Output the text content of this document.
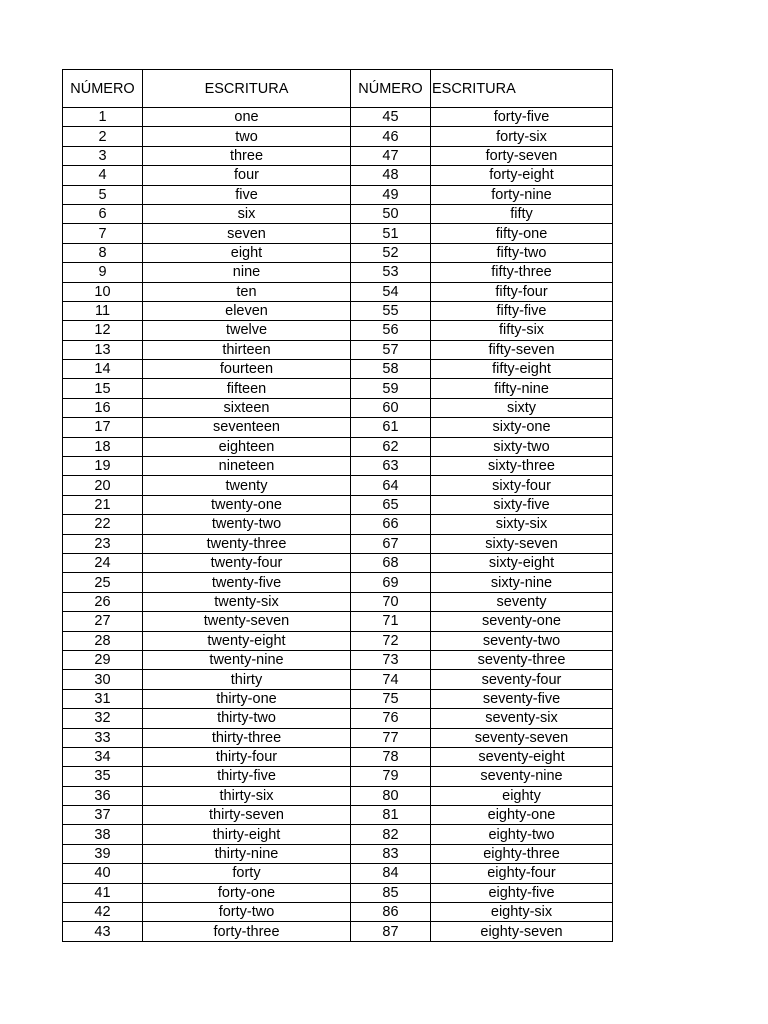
NÚMERO	ESCRITURA	NÚMERO	ESCRITURA
1	one	45	forty-five
2	two	46	forty-six
3	three	47	forty-seven
4	four	48	forty-eight
5	five	49	forty-nine
6	six	50	fifty
7	seven	51	fifty-one
8	eight	52	fifty-two
9	nine	53	fifty-three
10	ten	54	fifty-four
11	eleven	55	fifty-five
12	twelve	56	fifty-six
13	thirteen	57	fifty-seven
14	fourteen	58	fifty-eight
15	fifteen	59	fifty-nine
16	sixteen	60	sixty
17	seventeen	61	sixty-one
18	eighteen	62	sixty-two
19	nineteen	63	sixty-three
20	twenty	64	sixty-four
21	twenty-one	65	sixty-five
22	twenty-two	66	sixty-six
23	twenty-three	67	sixty-seven
24	twenty-four	68	sixty-eight
25	twenty-five	69	sixty-nine
26	twenty-six	70	seventy
27	twenty-seven	71	seventy-one
28	twenty-eight	72	seventy-two
29	twenty-nine	73	seventy-three
30	thirty	74	seventy-four
31	thirty-one	75	seventy-five
32	thirty-two	76	seventy-six
33	thirty-three	77	seventy-seven
34	thirty-four	78	seventy-eight
35	thirty-five	79	seventy-nine
36	thirty-six	80	eighty
37	thirty-seven	81	eighty-one
38	thirty-eight	82	eighty-two
39	thirty-nine	83	eighty-three
40	forty	84	eighty-four
41	forty-one	85	eighty-five
42	forty-two	86	eighty-six
43	forty-three	87	eighty-seven
